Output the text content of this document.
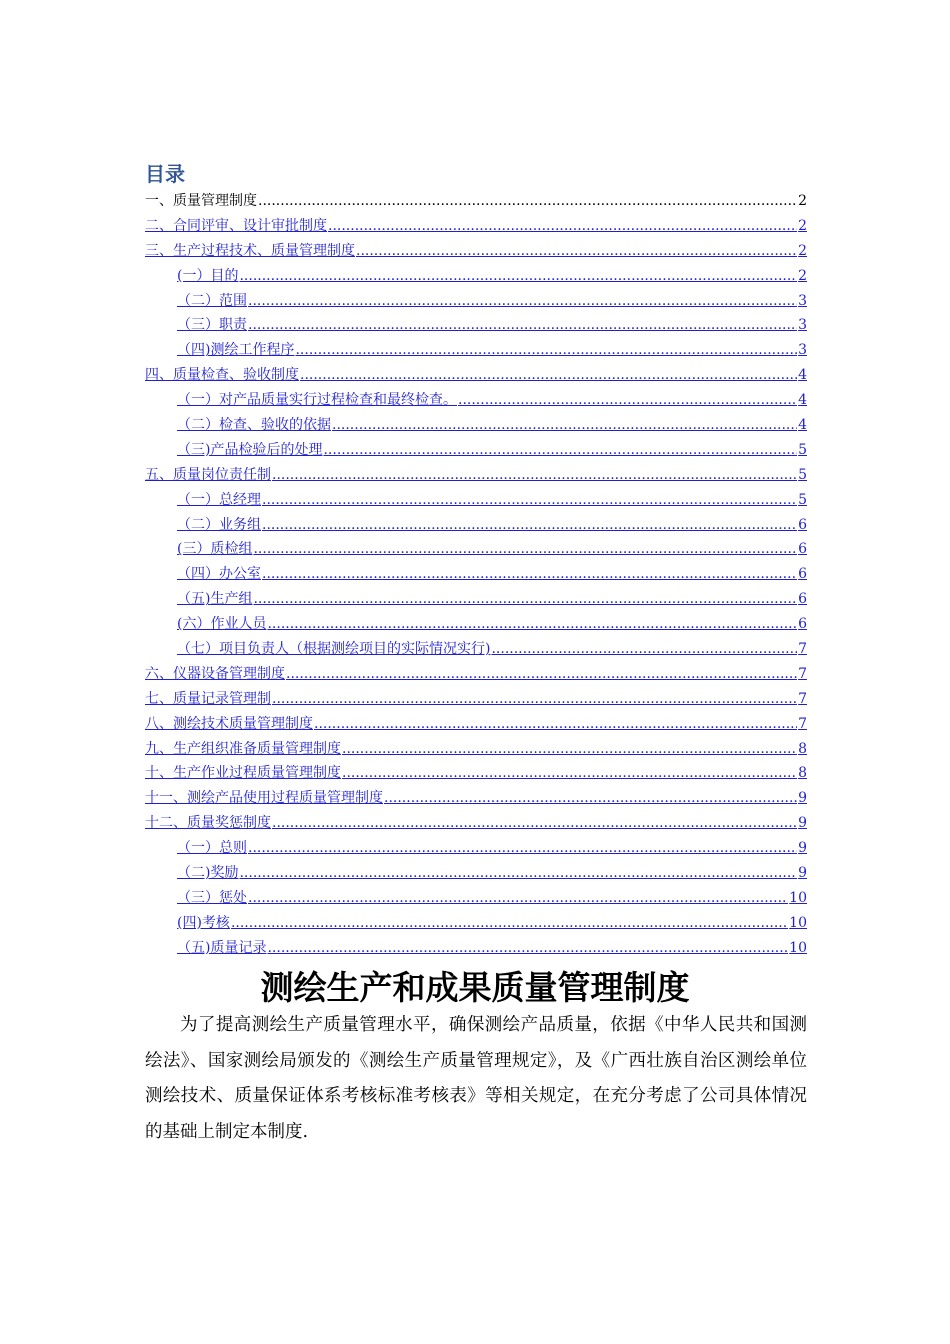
目录
一、质量管理制度 .....	2
二、合同评审、设计审批制度 .....	2
三、生产过程技术、质量管理制度 .....	2
(一）目的 .....	2
（二）范围 .....	3
（三）职责 .....	3
（四)测绘工作程序 .....	3
四、质量检查、验收制度 .....	4
（一）对产品质量实行过程检查和最终检查。 .....	4
（二）检查、验收的依据 .....	4
（三)产品检验后的处理 .....	5
五、质量岗位责任制 .....	5
（一）总经理 .....	5
（二）业务组 .....	6
(三）质检组 .....	6
（四）办公室 .....	6
（五)生产组 .....	6
(六）作业人员 .....	6
（七）项目负责人（根据测绘项目的实际情况实行) .....	7
六、仪器设备管理制度 .....	7
七、质量记录管理制 .....	7
八、测绘技术质量管理制度 .....	7
九、生产组织准备质量管理制度 .....	8
十、生产作业过程质量管理制度 .....	8
十一、测绘产品使用过程质量管理制度 .....	9
十二、质量奖惩制度 .....	9
（一）总则 .....	9
（二)奖励 .....	9
（三）惩处 .....	10
(四)考核 .....	10
（五)质量记录 .....	10
测绘生产和成果质量管理制度

为了提高测绘生产质量管理水平，确保测绘产品质量，依据《中华人民共和国测绘法》、国家测绘局颁发的《测绘生产质量管理规定》，及《广西壮族自治区测绘单位测绘技术、质量保证体系考核标准考核表》等相关规定，在充分考虑了公司具体情况的基础上制定本制度.
